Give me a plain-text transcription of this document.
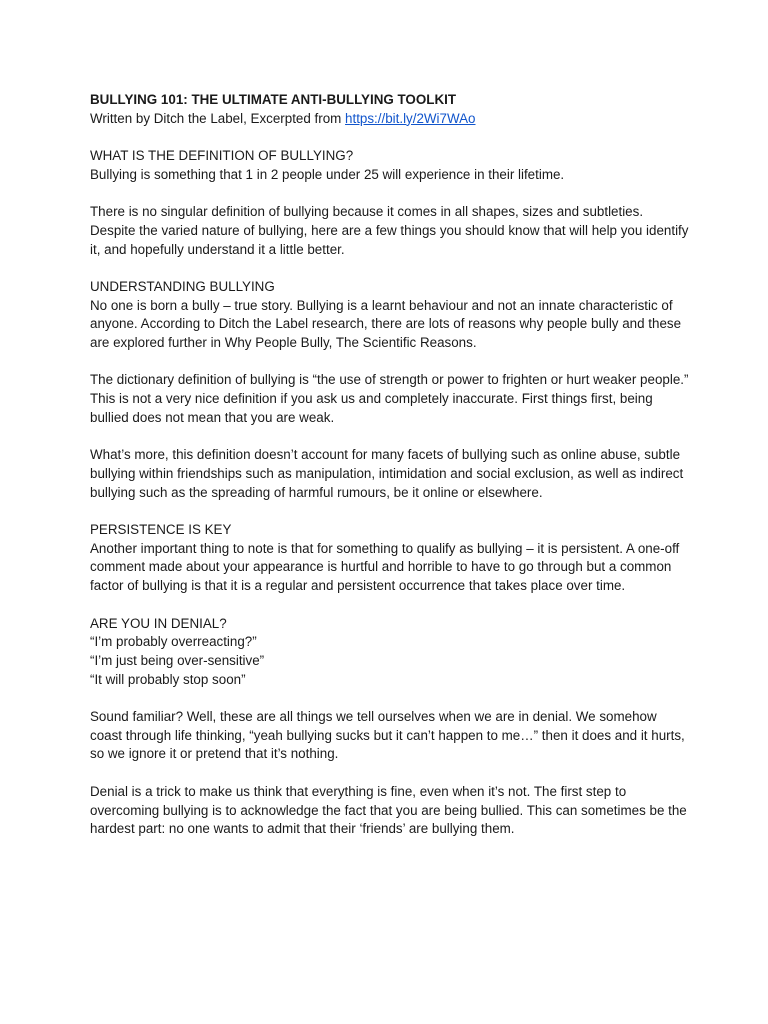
BULLYING 101: THE ULTIMATE ANTI-BULLYING TOOLKIT

Written by Ditch the Label, Excerpted from https://bit.ly/2Wi7WAo

WHAT IS THE DEFINITION OF BULLYING?

Bullying is something that 1 in 2 people under 25 will experience in their lifetime.

There is no singular definition of bullying because it comes in all shapes, sizes and subtleties. Despite the varied nature of bullying, here are a few things you should know that will help you identify it, and hopefully understand it a little better.

UNDERSTANDING BULLYING

No one is born a bully – true story. Bullying is a learnt behaviour and not an innate characteristic of anyone. According to Ditch the Label research, there are lots of reasons why people bully and these are explored further in Why People Bully, The Scientific Reasons.

The dictionary definition of bullying is “the use of strength or power to frighten or hurt weaker people.” This is not a very nice definition if you ask us and completely inaccurate. First things first, being bullied does not mean that you are weak.

What’s more, this definition doesn’t account for many facets of bullying such as online abuse, subtle bullying within friendships such as manipulation, intimidation and social exclusion, as well as indirect bullying such as the spreading of harmful rumours, be it online or elsewhere.

PERSISTENCE IS KEY

Another important thing to note is that for something to qualify as bullying – it is persistent. A one-off comment made about your appearance is hurtful and horrible to have to go through but a common factor of bullying is that it is a regular and persistent occurrence that takes place over time.

ARE YOU IN DENIAL?

“I’m probably overreacting?”

“I’m just being over-sensitive”

“It will probably stop soon”

Sound familiar? Well, these are all things we tell ourselves when we are in denial. We somehow coast through life thinking, “yeah bullying sucks but it can’t happen to me…” then it does and it hurts, so we ignore it or pretend that it’s nothing.

Denial is a trick to make us think that everything is fine, even when it’s not. The first step to overcoming bullying is to acknowledge the fact that you are being bullied. This can sometimes be the hardest part: no one wants to admit that their ‘friends’ are bullying them.
